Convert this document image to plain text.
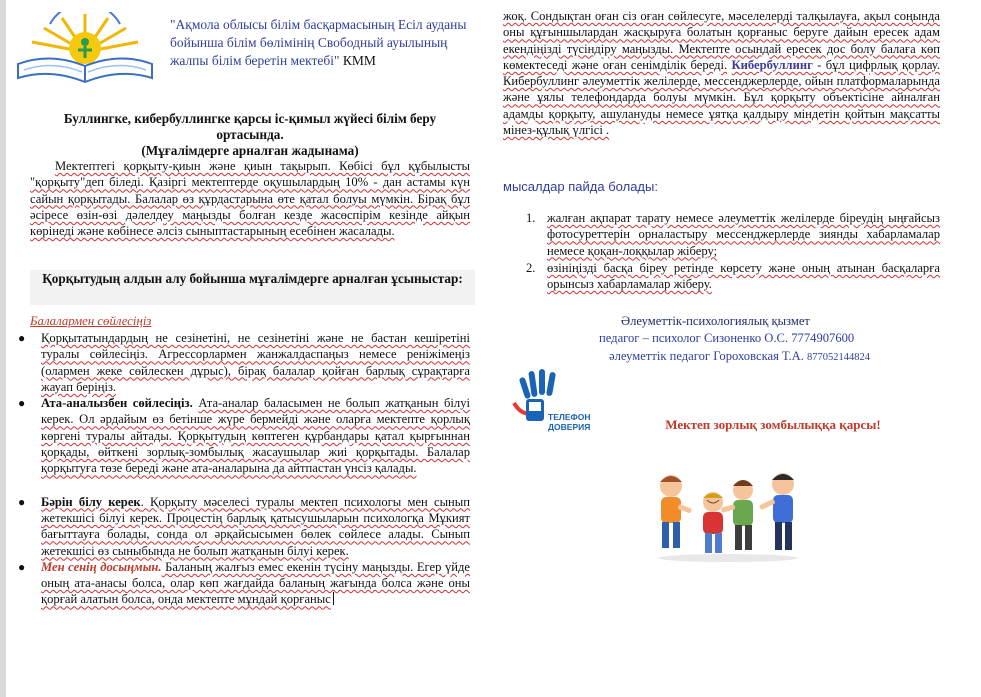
"Ақмола облысы білім басқармасының Есіл ауданы бойынша білім бөлімінің Свободный ауылының жалпы білім беретін мектебі" КММ
Буллингке, кибербуллингке қарсы іс-қимыл жүйесі білім беру ортасында.
(Мұғалімдерге арналған жадынама)
Мектептегі қорқыту-қиын және қиын тақырып. Көбісі бұл құбылысты "қорқыту"деп біледі. Қазіргі мектептерде оқушылардың 10% - дан астамы күн сайын қорқытады. Балалар өз құрдастарына өте қатал болуы мүмкін. Бірақ бұл әсіресе өзін-өзі дәлелдеу маңызды болған кезде жасөспірім кезінде айқын көрінеді және көбінесе әлсіз сыныптастарының есебінен жасалады.
Қорқытудың алдын алу бойынша мұғалімдерге арналған ұсыныстар:
Балалармен сөйлесіңіз
● Қорқытатындардың не сезінетіні, не сезінетіні және не бастан кешіретіні туралы сөйлесіңіз. Агрессорлармен жанжалдаспаңыз немесе реніжімеңіз (олармен жеке сөйлескен дұрыс), бірақ балалар қойған барлық сұрақтарға жауап беріңіз.
● Ата-аналызбен сөйлесіңіз. Ата-аналар баласымен не болып жатқанын білуі керек. Ол әрдайым өз бетінше жүре бермейді және оларға мектепте қорлық көргені туралы айтады. Қорқытудың көптеген құрбандары қатал қырғыннан қорқады, өйткені зорлық-зомбылық жасаушылар жиі қорқытады. Балалар қорқытуға төзе береді және ата-аналарына да айтпастан үнсіз қалады.
● Бәрін білу керек. Қорқыту мәселесі туралы мектеп психологы мен сынып жетекшісі білуі керек. Процестің барлық қатысушыларын психологқа Мұкият бағыттауға болады, сонда ол әрқайсысымен бөлек сөйлесе алады. Сынып жетекшісі өз сыныбында не болып жатқанын білуі керек.
● Мен сенің досыңмын. Баланың жалғыз емес екенін түсіну маңызды. Егер үйде оның ата-анасы болса, олар көп жағдайда баланың жағында болса және оны қорғай алатын болса, онда мектепте мұндай қорғаныс
жоқ. Сондықтан оған сіз оған сөйлесуге, мәселелерді талқылауға, ақыл соңында оны құғыншылардан жасқыруға болатын қорғаныс беруге дайын ересек адам екендіңізді түсіндіру маңызды. Мектепте осындай ересек дос болу балаға көп көмектеседі және оған сенімділік береді. Кибербуллинг - бұл цифрлық қорлау. Кибербуллинг әлеуметтік желілерде, мессенджерлерде, ойын платформаларында және ұялы телефондарда болуы мүмкін. Бұл қорқыту объектісіне айналған адамды қорқыту, ашулануды немесе ұятқа қалдыру міндетін қойтын мақсатты мінез-құлық үлгісі .
мысалдар пайда болады:
1. жалған ақпарат тарату немесе әлеуметтік желілерде біреудің ыңғайсыз фотосуреттерін орналастыру мессенджерлерде зиянды хабарламалар немесе қоқан-лоққылар жіберу;
2. өзініңізді басқа біреу ретінде көрсету және оның атынан басқаларға орынсыз хабарламалар жіберу.
Әлеуметтік-психологиялық қызмет
педагог – психолог Сизоненко О.С. 7774907600
әлеуметтік педагог Гороховская Т.А. 87705214482‌4
ТЕЛЕФОН
ДОВЕРИЯ	Мектеп зорлық зомбылыққа қарсы!
